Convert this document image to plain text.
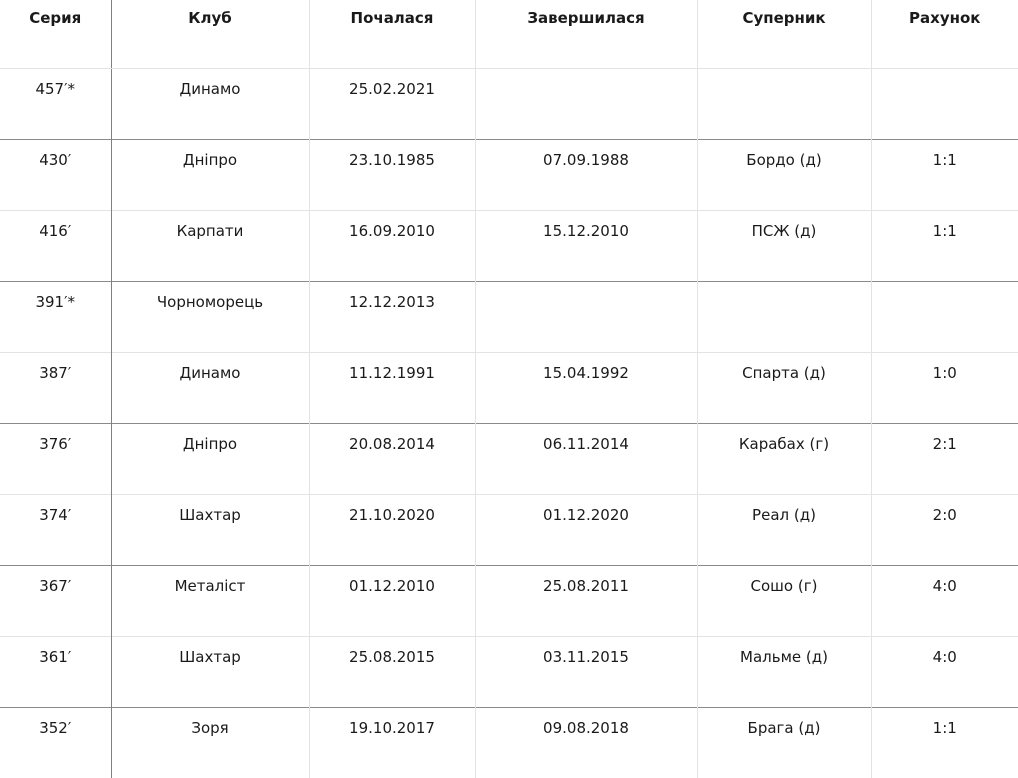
Серия	Клуб	Почалася	Завершилася	Суперник	Рахунок
457′*	Динамо	25.02.2021			
430′	Дніпро	23.10.1985	07.09.1988	Бордо (д)	1:1
416′	Карпати	16.09.2010	15.12.2010	ПСЖ (д)	1:1
391′*	Чорноморець	12.12.2013			
387′	Динамо	11.12.1991	15.04.1992	Спарта (д)	1:0
376′	Дніпро	20.08.2014	06.11.2014	Карабах (г)	2:1
374′	Шахтар	21.10.2020	01.12.2020	Реал (д)	2:0
367′	Металіст	01.12.2010	25.08.2011	Сошо (г)	4:0
361′	Шахтар	25.08.2015	03.11.2015	Мальме (д)	4:0
352′	Зоря	19.10.2017	09.08.2018	Брага (д)	1:1
